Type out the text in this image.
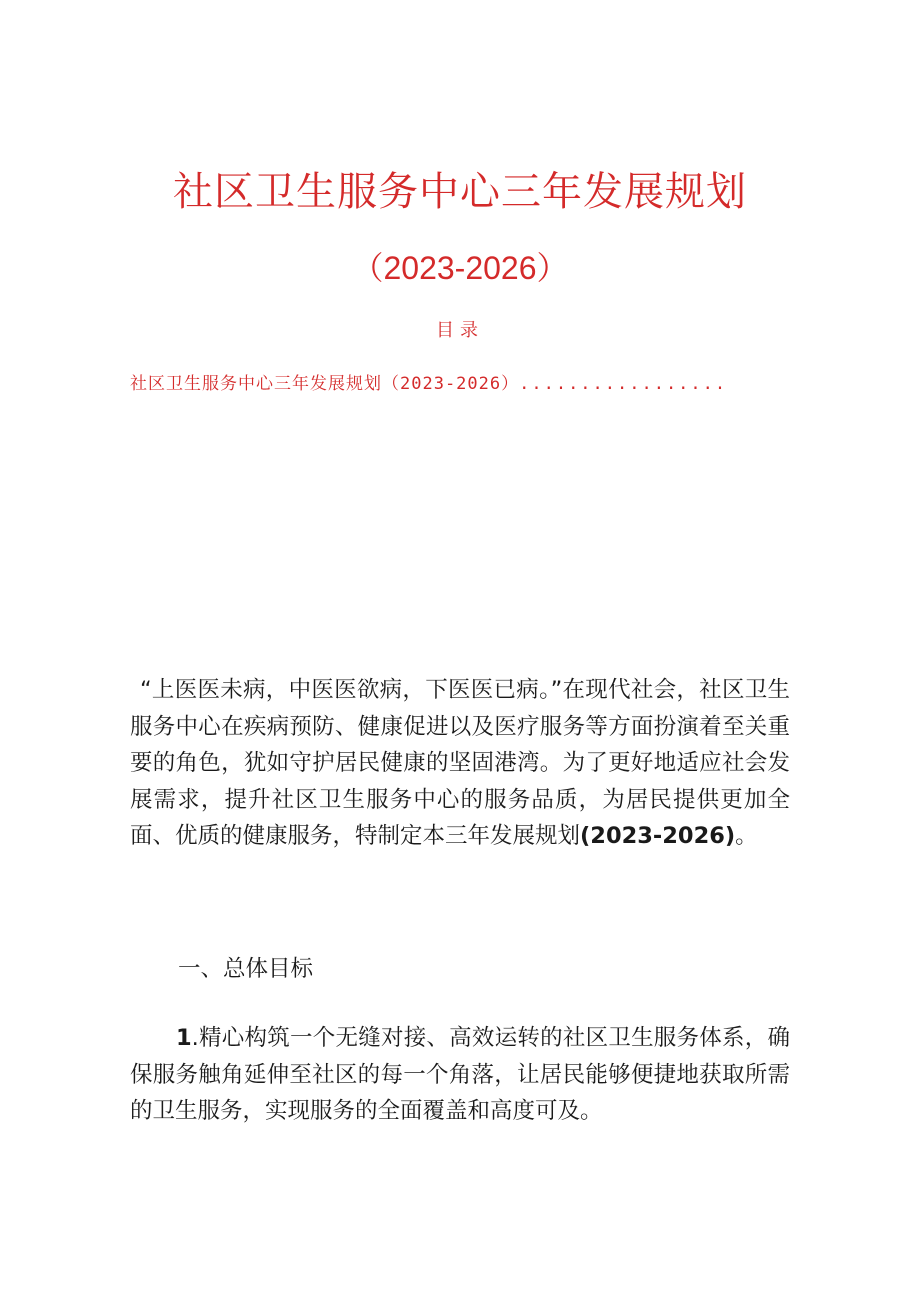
社区卫生服务中心三年发展规划
（2023-2026）
目录
社区卫生服务中心三年发展规划（2023-2026）.................

“上医医未病，中医医欲病，下医医已病。”在现代社会，社区卫生服务中心在疾病预防、健康促进以及医疗服务等方面扮演着至关重要的角色，犹如守护居民健康的坚固港湾。为了更好地适应社会发展需求，提升社区卫生服务中心的服务品质，为居民提供更加全面、优质的健康服务，特制定本三年发展规划(2023-2026)。

一、总体目标

1.精心构筑一个无缝对接、高效运转的社区卫生服务体系，确保服务触角延伸至社区的每一个角落，让居民能够便捷地获取所需的卫生服务，实现服务的全面覆盖和高度可及。
